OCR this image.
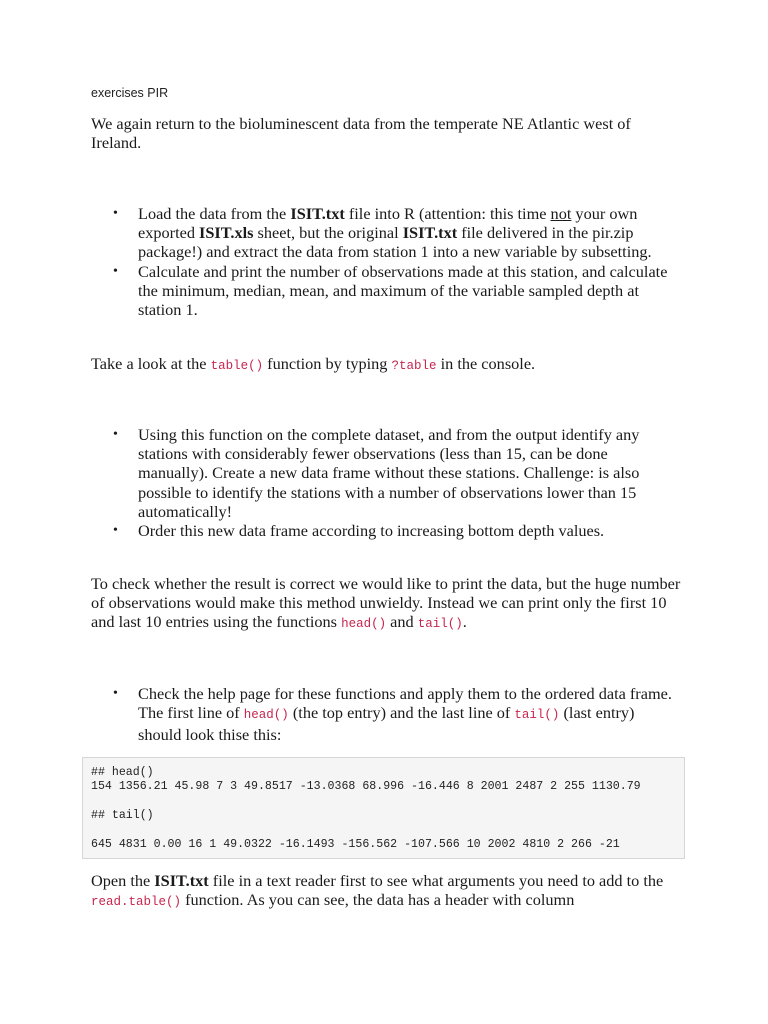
exercises PIR

We again return to the bioluminescent data from the temperate NE Atlantic west of Ireland.

• Load the data from the ISIT.txt file into R (attention: this time not your own exported ISIT.xls sheet, but the original ISIT.txt file delivered in the pir.zip package!) and extract the data from station 1 into a new variable by subsetting.
• Calculate and print the number of observations made at this station, and calculate the minimum, median, mean, and maximum of the variable sampled depth at station 1.

Take a look at the table() function by typing ?table in the console.

• Using this function on the complete dataset, and from the output identify any stations with considerably fewer observations (less than 15, can be done manually). Create a new data frame without these stations. Challenge: is also possible to identify the stations with a number of observations lower than 15 automatically!
• Order this new data frame according to increasing bottom depth values.

To check whether the result is correct we would like to print the data, but the huge number of observations would make this method unwieldy. Instead we can print only the first 10 and last 10 entries using the functions head() and tail().

• Check the help page for these functions and apply them to the ordered data frame. The first line of head() (the top entry) and the last line of tail() (last entry) should look thise this:
## head()
154 1356.21 45.98 7 3 49.8517 -13.0368 68.996 -16.446 8 2001 2487 2 255 1130.79

## tail()

645 4831 0.00 16 1 49.0322 -16.1493 -156.562 -107.566 10 2002 4810 2 266 -21

Open the ISIT.txt file in a text reader first to see what arguments you need to add to the read.table() function. As you can see, the data has a header with column
